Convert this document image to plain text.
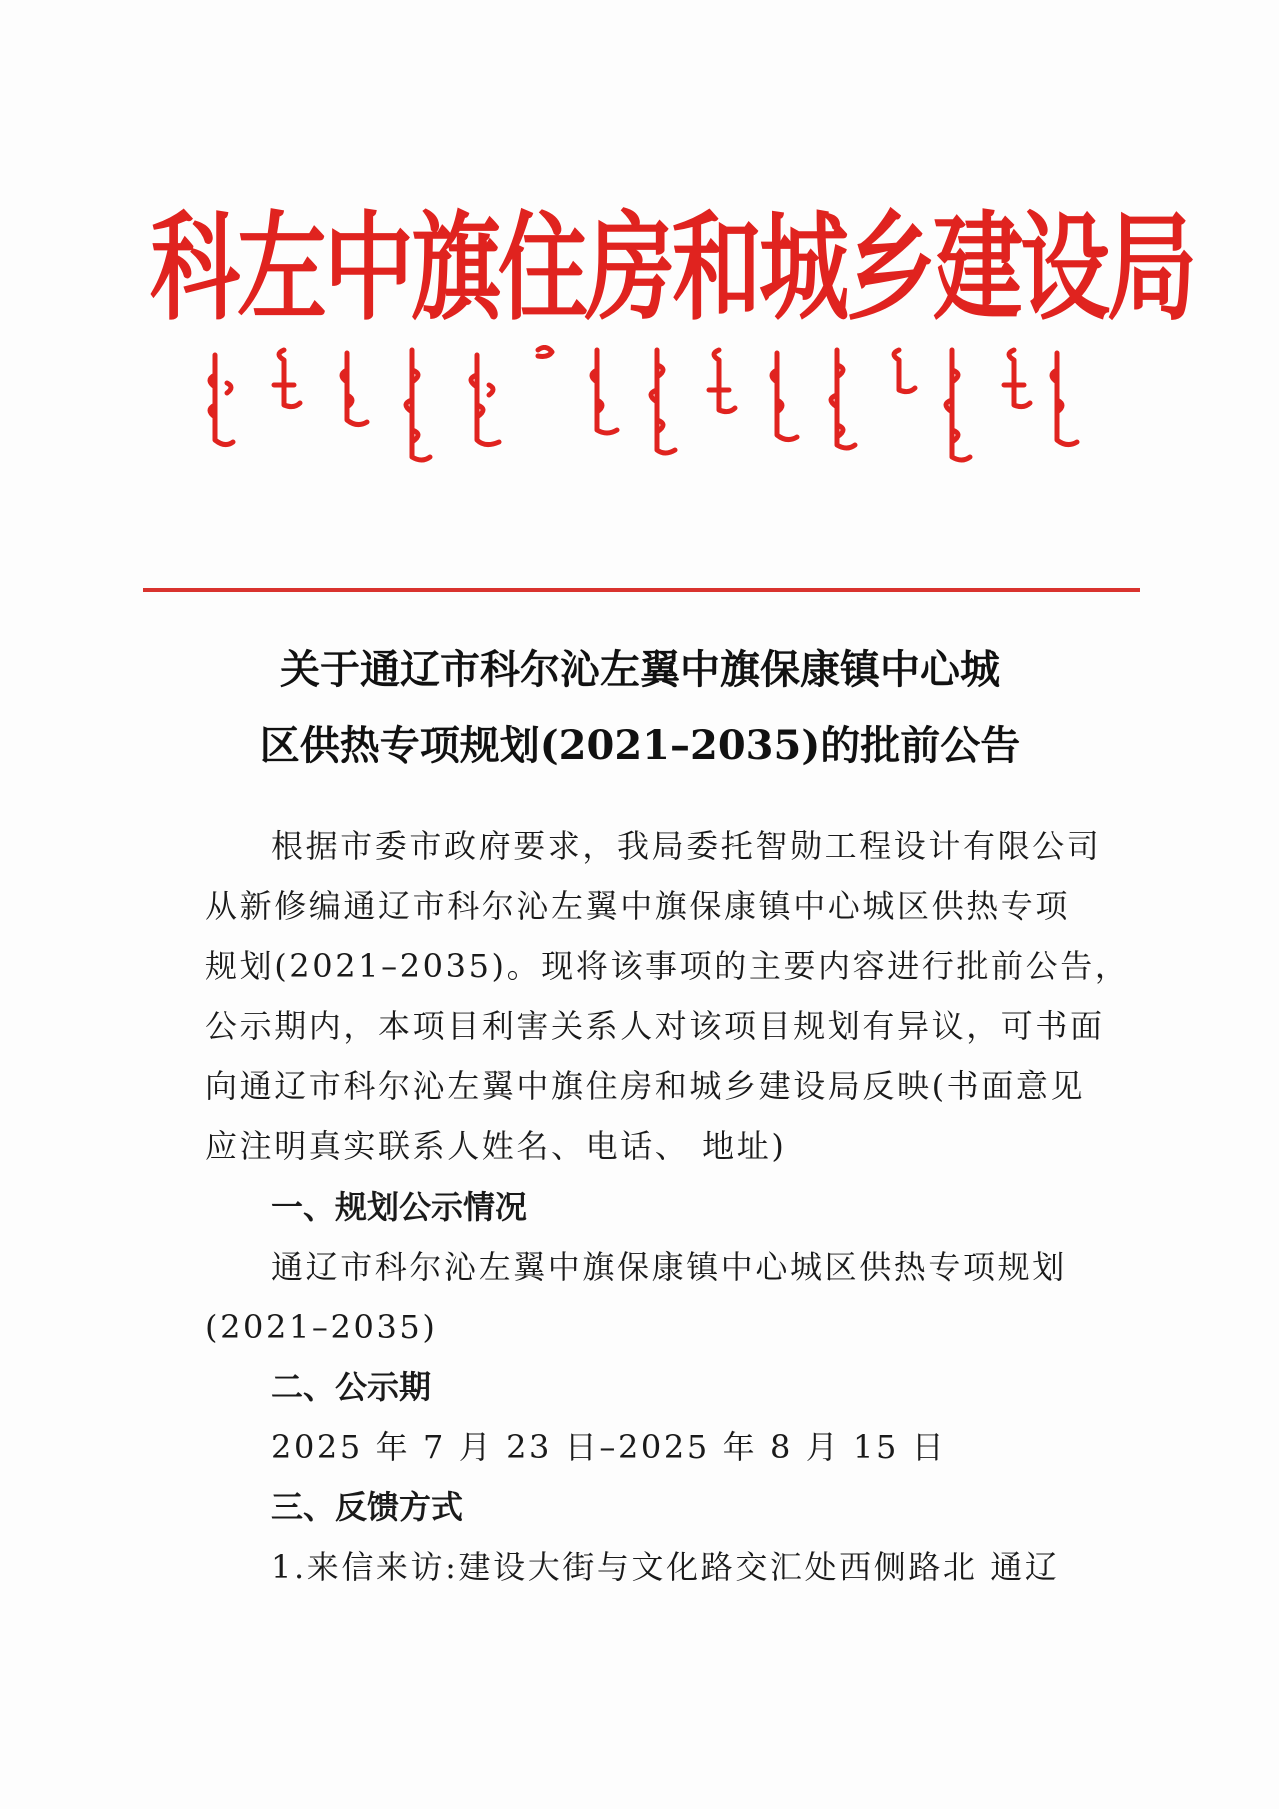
科左中旗住房和城乡建设局
关于通辽市科尔沁左翼中旗保康镇中心城
区供热专项规划(2021–2035)的批前公告

根据市委市政府要求，我局委托智勋工程设计有限公司
从新修编通辽市科尔沁左翼中旗保康镇中心城区供热专项
规划(2021–2035)。现将该事项的主要内容进行批前公告，
公示期内，本项目利害关系人对该项目规划有异议，可书面
向通辽市科尔沁左翼中旗住房和城乡建设局反映(书面意见
应注明真实联系人姓名、电话、 地址)

一、规划公示情况

通辽市科尔沁左翼中旗保康镇中心城区供热专项规划
(2021–2035)

二、公示期

2025 年 7 月 23 日–2025 年 8 月 15 日

三、反馈方式

1.来信来访:建设大街与文化路交汇处西侧路北 通辽
